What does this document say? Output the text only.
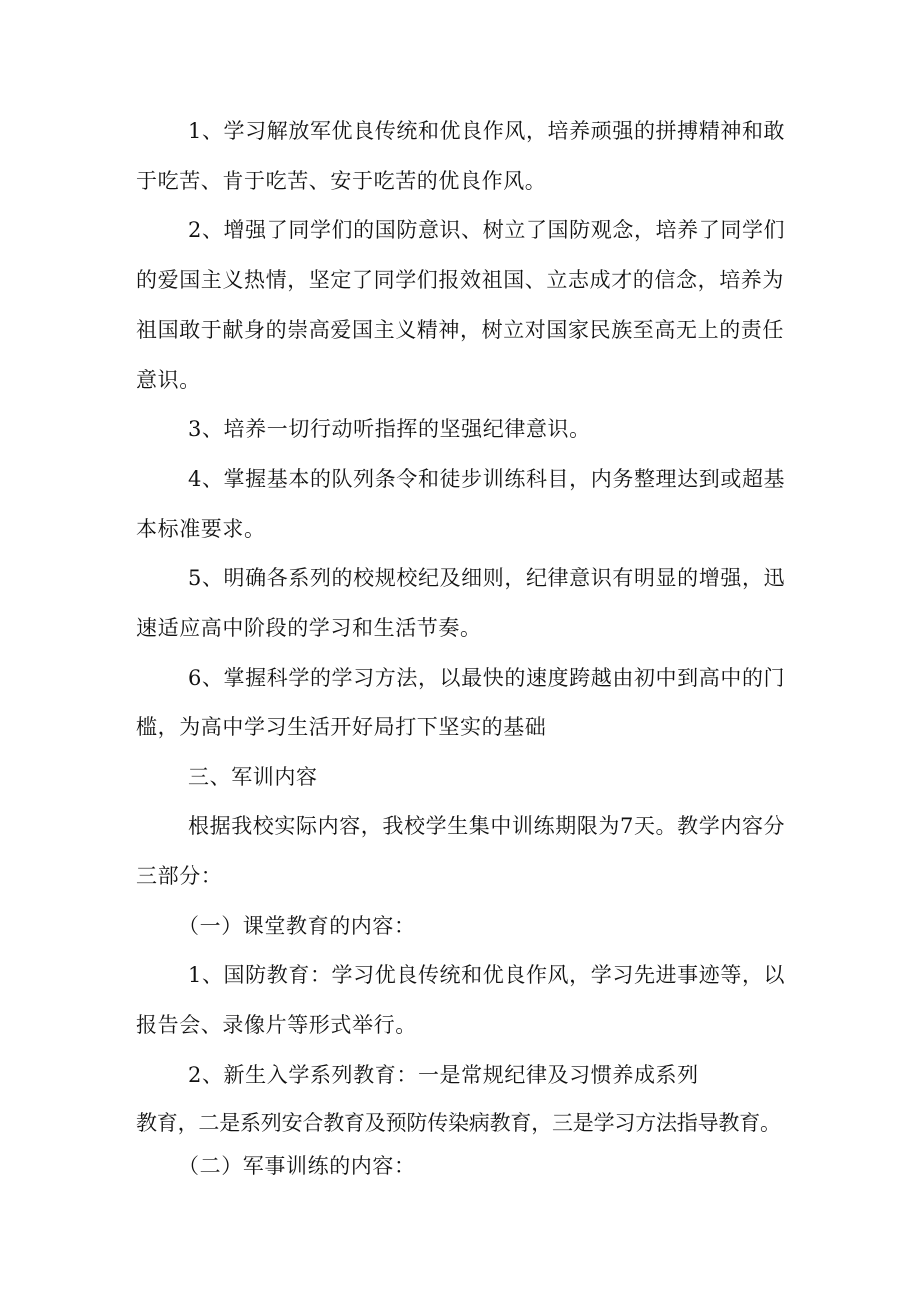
1、学习解放军优良传统和优良作风，培养顽强的拼搏精神和敢
于吃苦、肯于吃苦、安于吃苦的优良作风。
2、增强了同学们的国防意识、树立了国防观念，培养了同学们
的爱国主义热情，坚定了同学们报效祖国、立志成才的信念，培养为
祖国敢于献身的崇高爱国主义精神，树立对国家民族至高无上的责任
意识。
3、培养一切行动听指挥的坚强纪律意识。
4、掌握基本的队列条令和徒步训练科目，内务整理达到或超基
本标准要求。
5、明确各系列的校规校纪及细则，纪律意识有明显的增强，迅
速适应高中阶段的学习和生活节奏。
6、掌握科学的学习方法，以最快的速度跨越由初中到高中的门
槛，为高中学习生活开好局打下坚实的基础
三、军训内容
根据我校实际内容，我校学生集中训练期限为7天。教学内容分
三部分：
（一）课堂教育的内容：
1、国防教育：学习优良传统和优良作风，学习先进事迹等，以
报告会、录像片等形式举行。
2、新生入学系列教育：一是常规纪律及习惯养成系列
教育，二是系列安合教育及预防传染病教育，三是学习方法指导教育。
（二）军事训练的内容：
